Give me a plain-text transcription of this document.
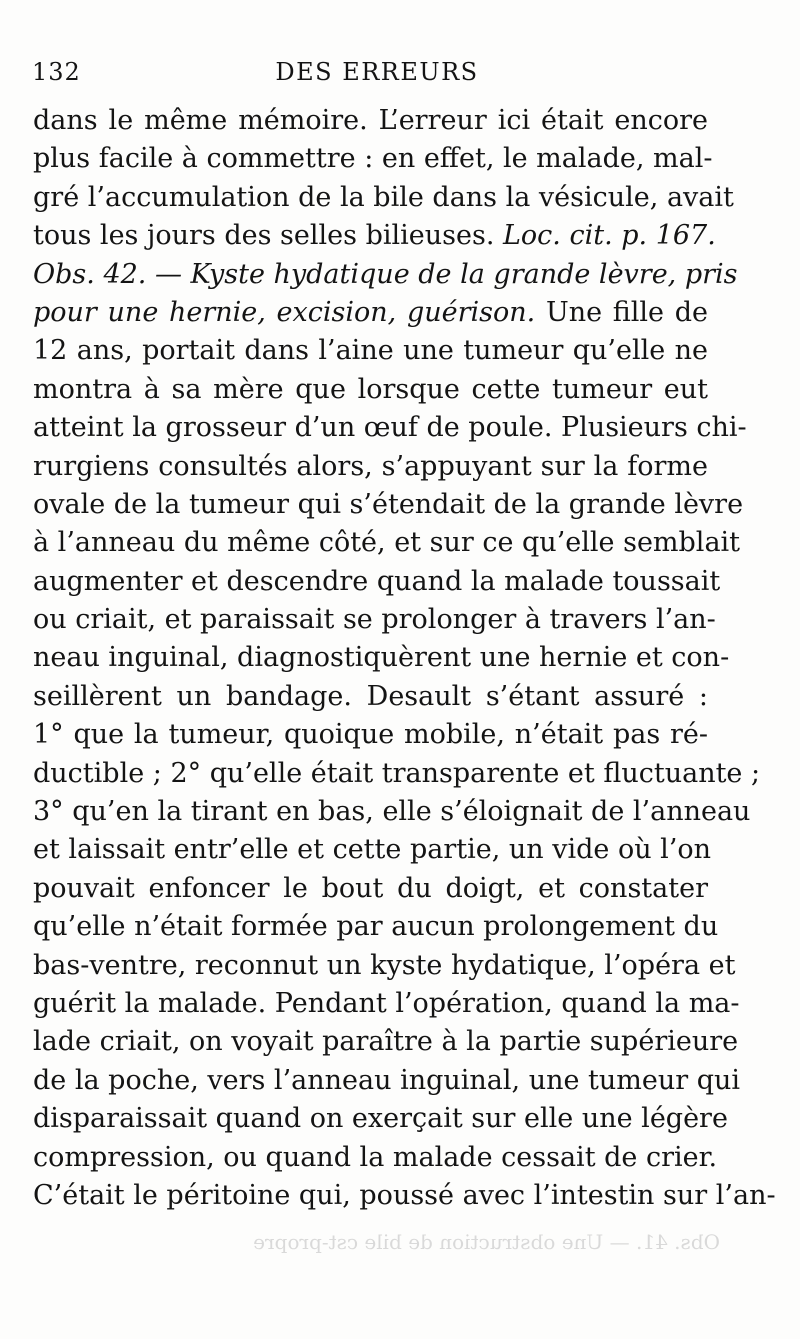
132	DES ERREURS
dans le même mémoire. L’erreur ici était encore
plus facile à commettre : en effet, le malade, mal-
gré l’accumulation de la bile dans la vésicule, avait
tous les jours des selles bilieuses. Loc. cit. p. 167.
Obs. 42. — Kyste hydatique de la grande lèvre, pris
pour une hernie, excision, guérison. Une fille de
12 ans, portait dans l’aine une tumeur qu’elle ne
montra à sa mère que lorsque cette tumeur eut
atteint la grosseur d’un œuf de poule. Plusieurs chi-
rurgiens consultés alors, s’appuyant sur la forme
ovale de la tumeur qui s’étendait de la grande lèvre
à l’anneau du même côté, et sur ce qu’elle semblait
augmenter et descendre quand la malade toussait
ou criait, et paraissait se prolonger à travers l’an-
neau inguinal, diagnostiquèrent une hernie et con-
seillèrent un bandage. Desault s’étant assuré :
1° que la tumeur, quoique mobile, n’était pas ré-
ductible ; 2° qu’elle était transparente et fluctuante ;
3° qu’en la tirant en bas, elle s’éloignait de l’anneau
et laissait entr’elle et cette partie, un vide où l’on
pouvait enfoncer le bout du doigt, et constater
qu’elle n’était formée par aucun prolongement du
bas-ventre, reconnut un kyste hydatique, l’opéra et
guérit la malade. Pendant l’opération, quand la ma-
lade criait, on voyait paraître à la partie supérieure
de la poche, vers l’anneau inguinal, une tumeur qui
disparaissait quand on exerçait sur elle une légère
compression, ou quand la malade cessait de crier.
C’était le péritoine qui, poussé avec l’intestin sur l’an-
Obs. 41. — Une obstruction de bile cst-propre
